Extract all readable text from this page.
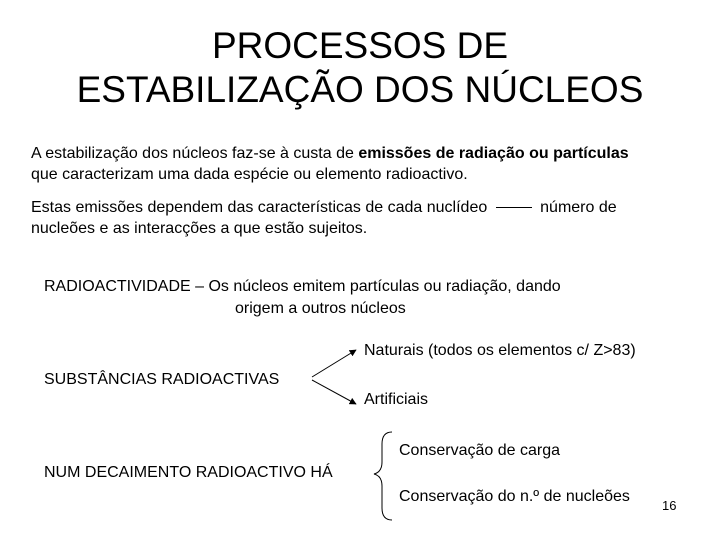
PROCESSOS DE
ESTABILIZAÇÃO DOS NÚCLEOS
A estabilização dos núcleos faz-se à custa de emissões de radiação ou partículas
que caracterizam uma dada espécie ou elemento radioactivo.
Estas emissões dependem das características de cada nuclídeo	número de
nucleões e as interacções a que estão sujeitos.
RADIOACTIVIDADE – Os núcleos emitem partículas ou radiação, dando
origem a outros núcleos
Naturais (todos os elementos c/ Z>83)
SUBSTÂNCIAS RADIOACTIVAS
Artificiais
Conservação de carga
NUM DECAIMENTO RADIOACTIVO HÁ
Conservação do n.º de nucleões
16
